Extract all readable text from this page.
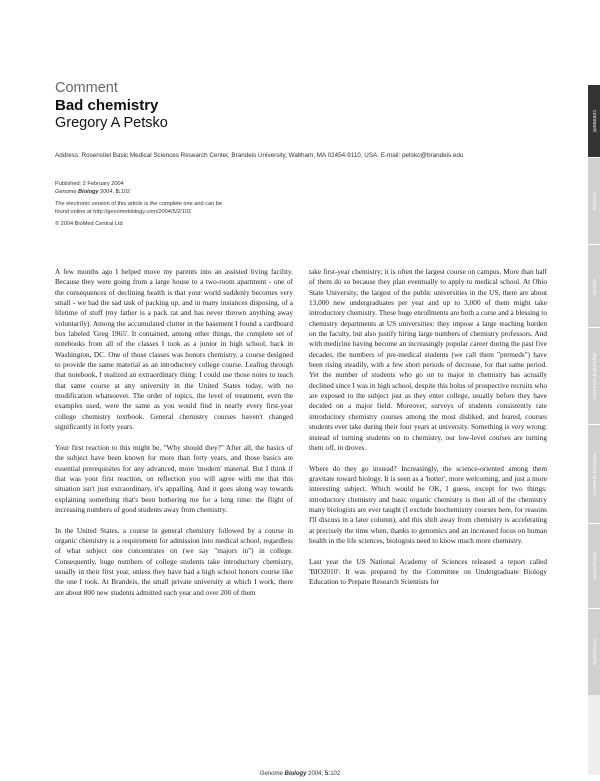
Comment
Bad chemistry
Gregory A Petsko
Address: Rosenstiel Basic Medical Sciences Research Center, Brandeis University, Waltham, MA 02454-9110, USA. E-mail: petsko@brandeis.edu

Published: 2 February 2004

Genome Biology 2004, 5:102

The electronic version of this article is the complete one and can be

found online at http://genomebiology.com/2004/5/2/102

© 2004 BioMed Central Ltd

A few months ago I helped move my parents into an assisted living facility. Because they were going from a large house to a two-room apartment - one of the consequences of declining health is that your world suddenly becomes very small - we had the sad task of packing up, and in many instances disposing, of a lifetime of stuff (my father is a pack rat and has never thrown anything away voluntarily). Among the accumulated clutter in the basement I found a cardboard box labeled 'Greg 1965'. It contained, among other things, the complete set of notebooks from all of the classes I took as a junior in high school, back in Washington, DC. One of those classes was honors chemistry, a course designed to provide the same material as an introductory college course. Leafing through that notebook, I realized an extraordinary thing: I could use those notes to teach that same course at any university in the United States today, with no modification whatsoever. The order of topics, the level of treatment, even the examples used, were the same as you would find in nearly every first-year college chemistry textbook. General chemistry courses haven't changed significantly in forty years.

Your first reaction to this might be, "Why should they?" After all, the basics of the subject have been known for more than forty years, and those basics are essential prerequisites for any advanced, more 'modern' material. But I think if that was your first reaction, on reflection you will agree with me that this situation isn't just extraordinary, it's appalling. And it goes along way towards explaining something that's been bothering me for a long time: the flight of increasing numbers of good students away from chemistry.

In the United States, a course in general chemistry followed by a course in organic chemistry is a requirement for admission into medical school, regardless of what subject one concentrates on (we say "majors in") in college. Consequently, huge numbers of college students take introductory chemistry, usually in their first year, unless they have had a high school honors course like the one I took. At Brandeis, the small private university at which I work, there are about 800 new students admitted each year and over 200 of them

take first-year chemistry; it is often the largest course on campus. More than half of them do so because they plan eventually to apply to medical school. At Ohio State University, the largest of the public universities in the US, there are about 13,000 new undergraduates per year and up to 3,000 of them might take introductory chemistry. These huge enrollments are both a curse and a blessing to chemistry departments at US universities: they impose a large teaching burden on the faculty, but also justify hiring large numbers of chemistry professors. And with medicine having become an increasingly popular career during the past five decades, the numbers of pre-medical students (we call them "premeds") have been rising steadily, with a few short periods of decrease, for that same period. Yet the number of students who go on to major in chemistry has actually declined since I was in high school, despite this bolus of prospective recruits who are exposed to the subject just as they enter college, usually before they have decided on a major field. Moreover, surveys of students consistently rate introductory chemistry courses among the most disliked, and feared, courses students ever take during their four years at university. Something is very wrong: instead of turning students on to chemistry, our low-level courses are turning them off, in droves.

Where do they go instead? Increasingly, the science-oriented among them gravitate toward biology. It is seen as a 'hotter', more welcoming, and just a more interesting subject. Which would be OK, I guess, except for two things: introductory chemistry and basic organic chemistry is then all of the chemistry many biologists are ever taught (I exclude biochemistry courses here, for reasons I'll discuss in a later column), and this shift away from chemistry is accelerating at precisely the time when, thanks to genomics and an increased focus on human health in the life sciences, biologists need to know much more chemistry.

Last year the US National Academy of Sciences released a report called 'BIO2010'. It was prepared by the Committee on Undergraduate Biology Education to Prepare Research Scientists for

Genome Biology 2004, 5:102
comment
reviews
reports
deposited research
refereed research
interactions
information
